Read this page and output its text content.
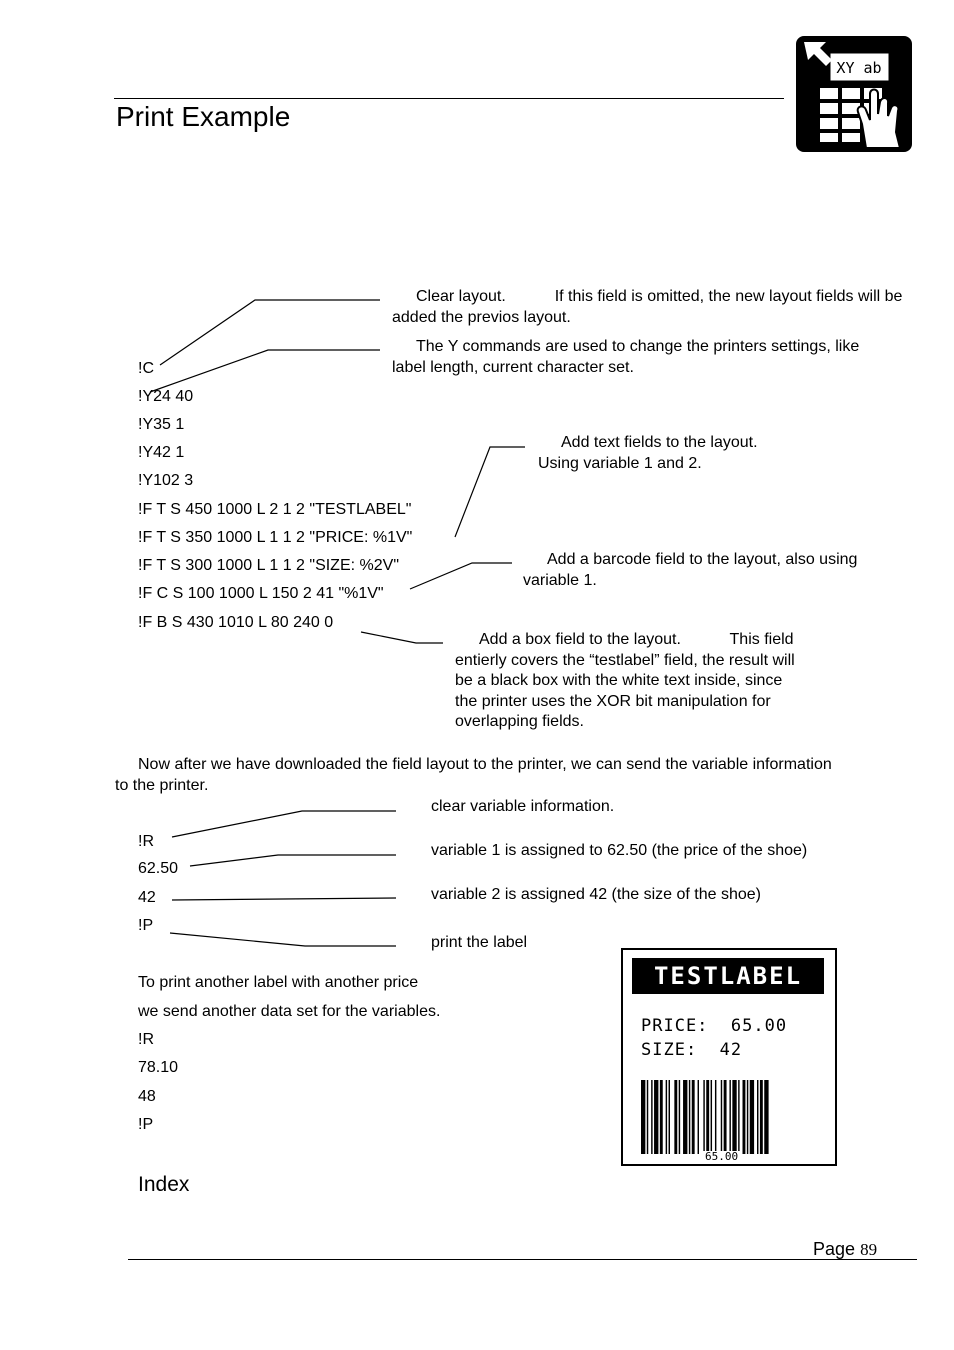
Print Example
XY ab
Clear layout.           If this field is omitted, the new layout fields will be added the previos layout.
The Y commands are used to change the printers settings, like label length, current character set.
Add text fields to the layout. Using variable 1 and 2.
Add a barcode field to the layout, also using variable 1.
Add a box field to the layout.           This field entierly covers the “testlabel” field, the result will be a black box with the white text inside, since the printer uses the XOR bit manipulation for overlapping fields.
!C
!Y24 40
!Y35 1
!Y42 1
!Y102 3
!F T S 450 1000 L 2 1 2 "TESTLABEL"
!F T S 350 1000 L 1 1 2 "PRICE: %1V"
!F T S 300 1000 L 1 1 2 "SIZE: %2V"
!F C S 100 1000 L 150 2 41 "%1V"
!F B S 430 1010 L 80 240 0
Now after we have downloaded the field layout to the printer, we can send the variable information to the printer.
clear variable information.
variable 1 is assigned to 62.50 (the price of the shoe)
variable 2 is assigned 42 (the size of the shoe)
print the label
!R
62.50
42
!P
To print another label with another price
we send another data set for the variables.
!R
78.10
48
!P
TESTLABEL
PRICE:  65.00
SIZE:  42
65.00
Index
Page 89
